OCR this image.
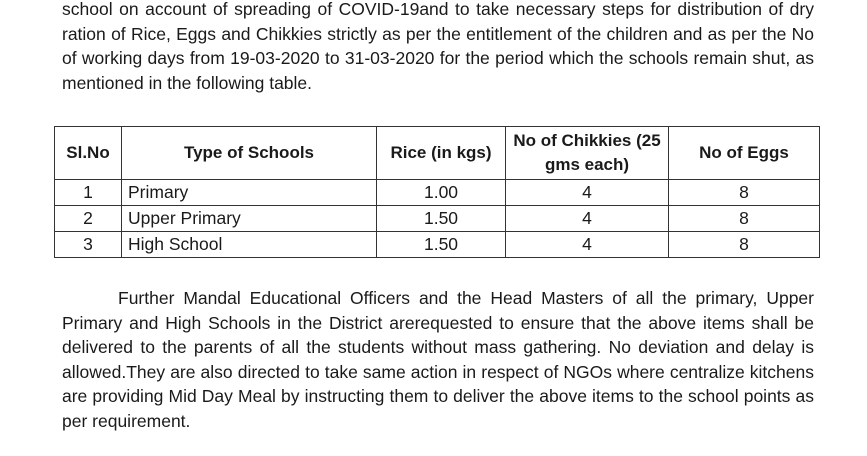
school on account of spreading of COVID-19and to take necessary steps for distribution of dry ration of Rice, Eggs and Chikkies strictly as per the entitlement of the children and as per the No of working days from 19-03-2020 to 31-03-2020 for the period which the schools remain shut, as mentioned in the following table.
Sl.No	Type of Schools	Rice (in kgs)	No of Chikkies (25 gms each)	No of Eggs
1	Primary	1.00	4	8
2	Upper Primary	1.50	4	8
3	High School	1.50	4	8
Further Mandal Educational Officers and the Head Masters of all the primary, Upper Primary and High Schools in the District arerequested to ensure that the above items shall be delivered to the parents of all the students without mass gathering. No deviation and delay is allowed.They are also directed to take same action in respect of NGOs where centralize kitchens are providing Mid Day Meal by instructing them to deliver the above items to the school points as per requirement.
